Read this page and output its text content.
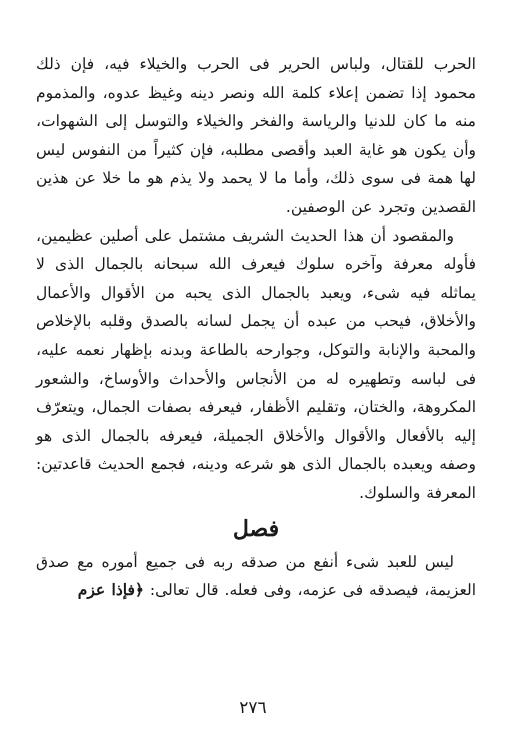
الحرب للقتال، ولباس الحرير فى الحرب والخيلاء فيه، فإن ذلك محمود إذا تضمن إعلاء كلمة الله ونصر دينه وغيظ عدوه، والمذموم منه ما كان للدنيا والرياسة والفخر والخيلاء والتوسل إلى الشهوات، وأن يكون هو غاية العبد وأقصى مطلبه، فإن كثيراً من النفوس ليس لها همة فى سوى ذلك، وأما ما لا يحمد ولا يذم هو ما خلا عن هذين القصدين وتجرد عن الوصفين.

والمقصود أن هذا الحديث الشريف مشتمل على أصلين عظيمين، فأوله معرفة وآخره سلوك فيعرف الله سبحانه بالجمال الذى لا يماثله فيه شىء، ويعبد بالجمال الذى يحبه من الأقوال والأعمال والأخلاق، فيحب من عبده أن يجمل لسانه بالصدق وقلبه بالإخلاص والمحبة والإنابة والتوكل، وجوارحه بالطاعة وبدنه بإظهار نعمه عليه، فى لباسه وتطهيره له من الأنجاس والأحداث والأوساخ، والشعور المكروهة، والختان، وتقليم الأظفار، فيعرفه بصفات الجمال، ويتعرّف إليه بالأفعال والأقوال والأخلاق الجميلة، فيعرفه بالجمال الذى هو وصفه ويعبده بالجمال الذى هو شرعه ودينه، فجمع الحديث قاعدتين: المعرفة والسلوك.

فصل

ليس للعبد شىء أنفع من صدقه ربه فى جميع أموره مع صدق العزيمة، فيصدقه فى عزمه، وفى فعله. قال تعالى: ﴿فإذا عزم

٢٧٦
